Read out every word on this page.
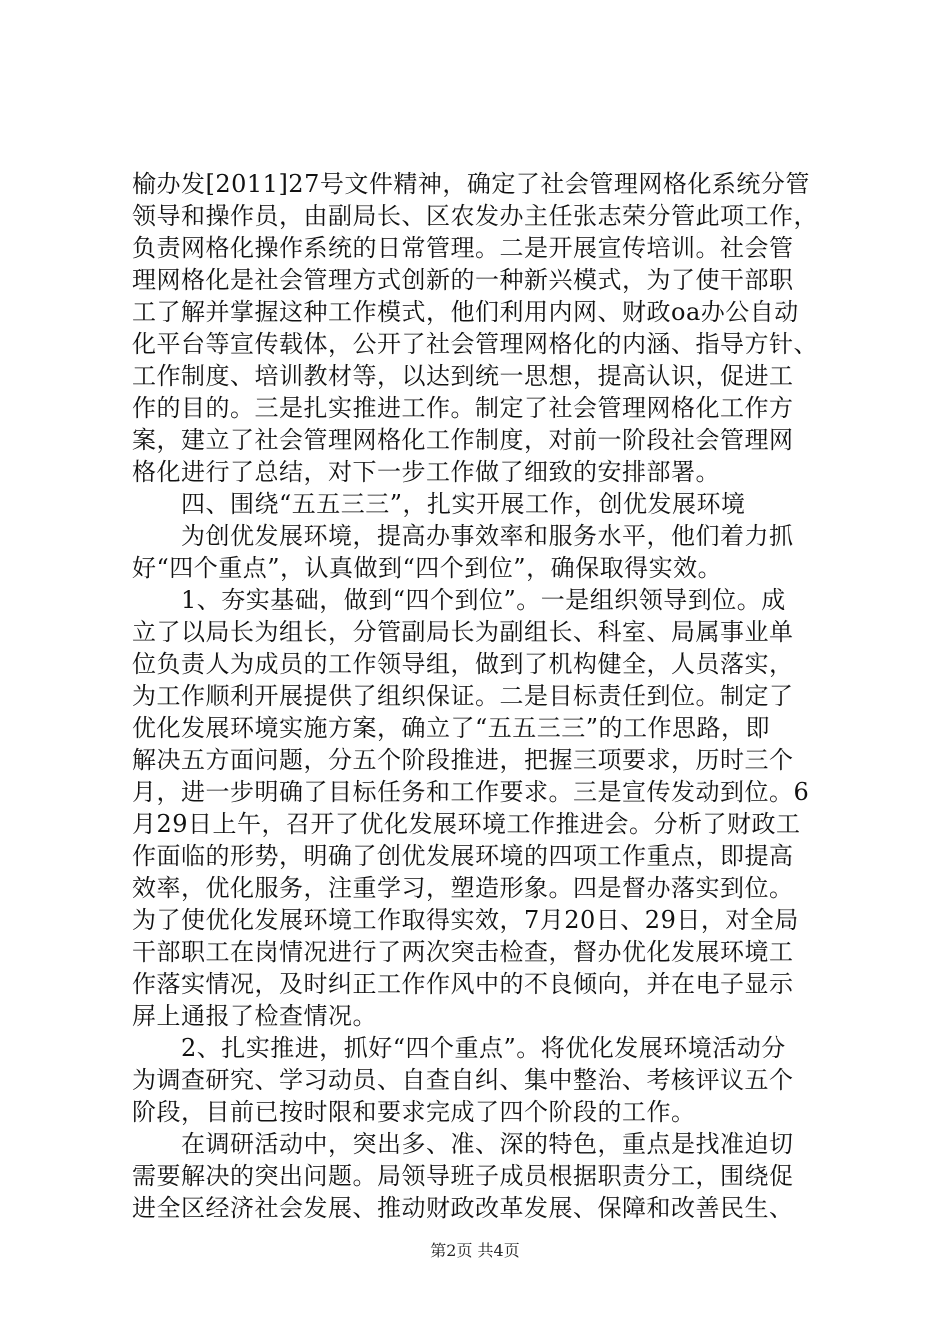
榆办发[2011]27号文件精神，确定了社会管理网格化系统分管
领导和操作员，由副局长、区农发办主任张志荣分管此项工作，
负责网格化操作系统的日常管理。二是开展宣传培训。社会管
理网格化是社会管理方式创新的一种新兴模式，为了使干部职
工了解并掌握这种工作模式，他们利用内网、财政oa办公自动
化平台等宣传载体，公开了社会管理网格化的内涵、指导方针、
工作制度、培训教材等，以达到统一思想，提高认识，促进工
作的目的。三是扎实推进工作。制定了社会管理网格化工作方
案，建立了社会管理网格化工作制度，对前一阶段社会管理网
格化进行了总结，对下一步工作做了细致的安排部署。
　　四、围绕“五五三三”，扎实开展工作，创优发展环境
　　为创优发展环境，提高办事效率和服务水平，他们着力抓
好“四个重点”，认真做到“四个到位”，确保取得实效。
　　1、夯实基础，做到“四个到位”。一是组织领导到位。成
立了以局长为组长，分管副局长为副组长、科室、局属事业单
位负责人为成员的工作领导组，做到了机构健全，人员落实，
为工作顺利开展提供了组织保证。二是目标责任到位。制定了
优化发展环境实施方案，确立了“五五三三”的工作思路，即
解决五方面问题，分五个阶段推进，把握三项要求，历时三个
月，进一步明确了目标任务和工作要求。三是宣传发动到位。6
月29日上午，召开了优化发展环境工作推进会。分析了财政工
作面临的形势，明确了创优发展环境的四项工作重点，即提高
效率，优化服务，注重学习，塑造形象。四是督办落实到位。
为了使优化发展环境工作取得实效，7月20日、29日，对全局
干部职工在岗情况进行了两次突击检查，督办优化发展环境工
作落实情况，及时纠正工作作风中的不良倾向，并在电子显示
屏上通报了检查情况。
　　2、扎实推进，抓好“四个重点”。将优化发展环境活动分
为调查研究、学习动员、自查自纠、集中整治、考核评议五个
阶段，目前已按时限和要求完成了四个阶段的工作。
　　在调研活动中，突出多、准、深的特色，重点是找准迫切
需要解决的突出问题。局领导班子成员根据职责分工，围绕促
进全区经济社会发展、推动财政改革发展、保障和改善民生、
第2页 共4页
